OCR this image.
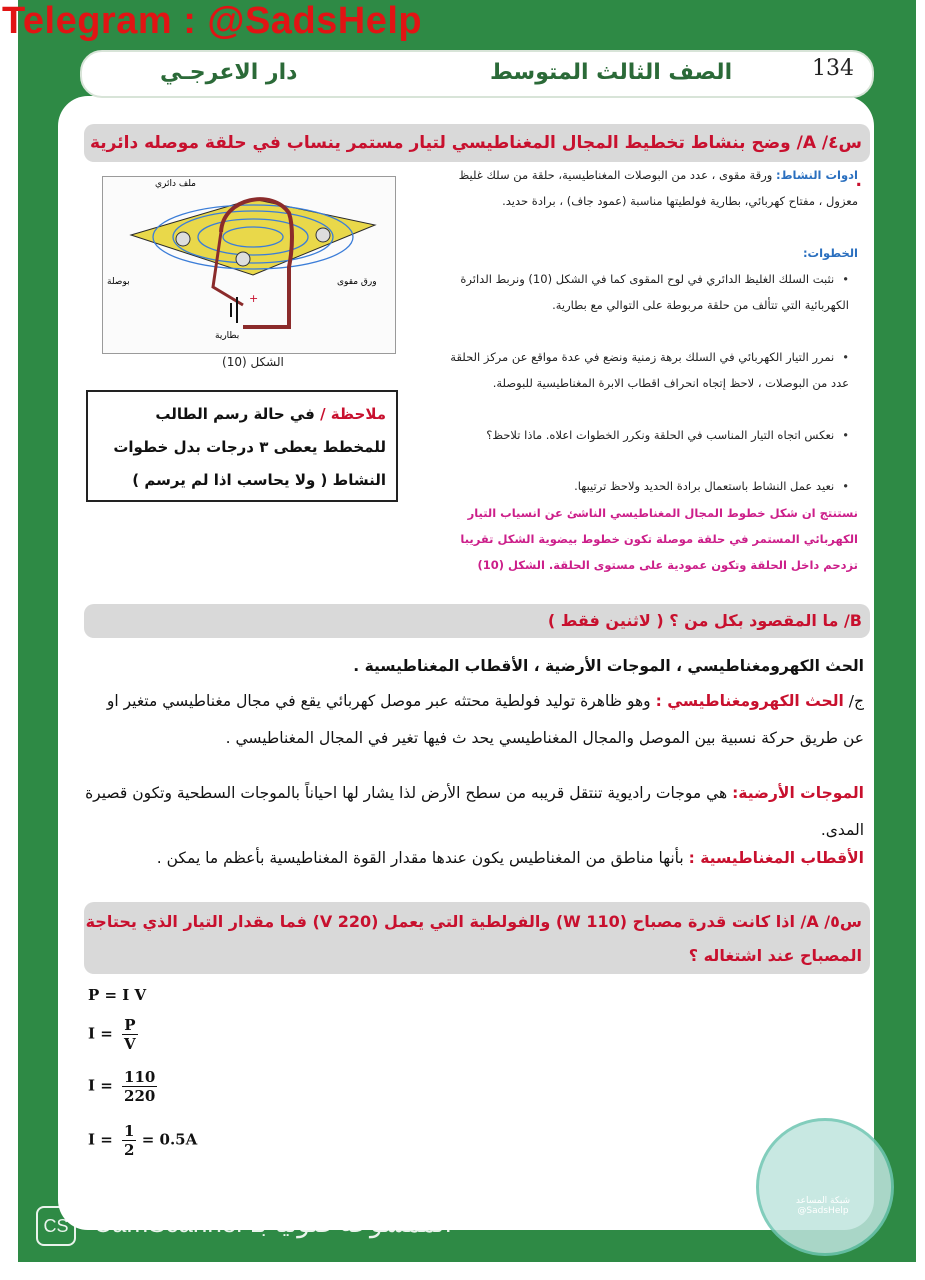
Telegram : @SadsHelp
134
الصف الثالث المتوسط
دار الاعرجـي
س٤/ A/ وضح بنشاط تخطيط المجال المغناطيسي لتيار مستمر ينساب في حلقة موصله دائرية .
ادوات النشاط: ورقة مقوى ، عدد من البوصلات المغناطيسية، حلقة من سلك غليظ معزول ، مفتاح كهربائي، بطارية فولطيتها مناسبة (عمود جاف) ، برادة حديد.
الخطوات:
• نثبت السلك الغليظ الدائري في لوح المقوى كما في الشكل (10) ونربط الدائرة الكهربائية التي تتألف من حلقة مربوطة على التوالي مع بطارية.
• نمرر التيار الكهربائي في السلك برهة زمنية ونضع في عدة مواقع عن مركز الحلقة عدد من البوصلات ، لاحظ إتجاه انحراف اقطاب الابرة المغناطيسية للبوصلة.
• نعكس اتجاه التيار المناسب في الحلقة ونكرر الخطوات اعلاه. ماذا تلاحظ؟
• نعيد عمل النشاط باستعمال برادة الحديد ولاحظ ترتيبها.
نستنتج ان شكل خطوط المجال المغناطيسي الناشئ عن انسياب التيار الكهربائي المستمر في حلقة موصلة تكون خطوط بيضوية الشكل تقريبا تزدحم داخل الحلقة وتكون عمودية على مستوى الحلقة. الشكل (10)
+
ملف دائري
بوصلة	ورق مقوى
بطارية
الشكل (10)
ملاحظة / في حالة رسم الطالب للمخطط يعطى ٣ درجات بدل خطوات النشاط ( ولا يحاسب اذا لم يرسم )
B/ ما المقصود بكل من ؟ ( لاثنين فقط )
الحث الكهرومغناطيسي ، الموجات الأرضية ، الأقطاب المغناطيسية .
ج/ الحث الكهرومغناطيسي : وهو ظاهرة توليد فولطية محتثه عبر موصل كهربائي يقع في مجال مغناطيسي متغير او عن طريق حركة نسبية بين الموصل والمجال المغناطيسي يحد ث فيها تغير في المجال المغناطيسي .
الموجات الأرضية: هي موجات راديوية تنتقل قريبه من سطح الأرض لذا يشار لها احياناً بالموجات السطحية وتكون قصيرة المدى.
الأقطاب المغناطيسية : بأنها مناطق من المغناطيس يكون عندها مقدار القوة المغناطيسية بأعظم ما يمكن .
س٥/ A/ اذا كانت قدرة مصباح (W 110) والفولطية التي يعمل (V 220) فما مقدار التيار الذي يحتاجة المصباح عند اشتغاله ؟
P = I V
$I = \frac{P}{V}$
$I = \frac{110}{220}$
$I = \frac{1}{2} = 0.5A$
شبكة المساعد
@SadsHelp
CS CamScanner الممسوحة ضوئيا بـ
